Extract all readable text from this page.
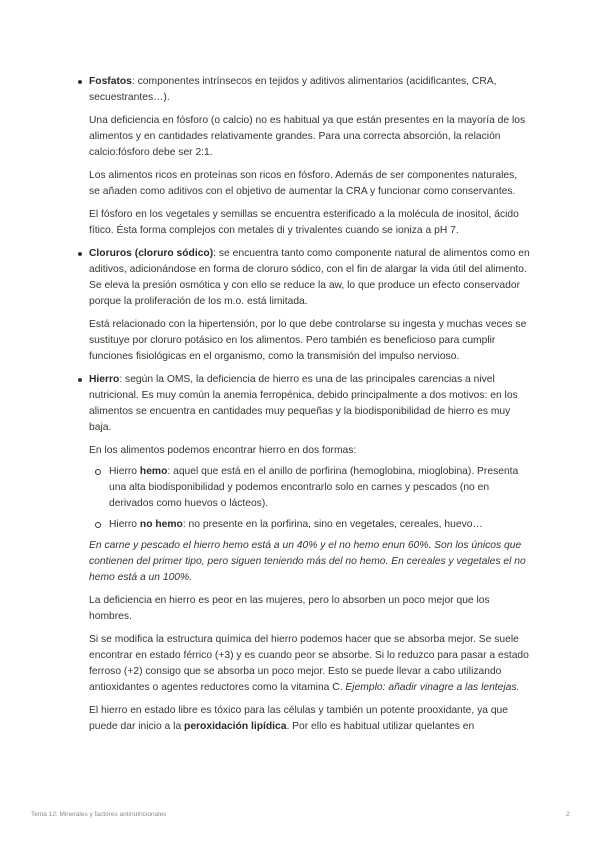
Fosfatos: componentes intrínsecos en tejidos y aditivos alimentarios (acidificantes, CRA, secuestrantes…).

Una deficiencia en fósforo (o calcio) no es habitual ya que están presentes en la mayoría de los alimentos y en cantidades relativamente grandes. Para una correcta absorción, la relación calcio:fósforo debe ser 2:1.

Los alimentos ricos en proteínas son ricos en fósforo. Además de ser componentes naturales, se añaden como aditivos con el objetivo de aumentar la CRA y funcionar como conservantes.

El fósforo en los vegetales y semillas se encuentra esterificado a la molécula de inositol, ácido fítico. Ésta forma complejos con metales di y trivalentes cuando se ioniza a pH 7.

Cloruros (cloruro sódico): se encuentra tanto como componente natural de alimentos como en aditivos, adicionándose en forma de cloruro sódico, con el fin de alargar la vida útil del alimento. Se eleva la presión osmótica y con ello se reduce la aw, lo que produce un efecto conservador porque la proliferación de los m.o. está limitada.

Está relacionado con la hipertensión, por lo que debe controlarse su ingesta y muchas veces se sustituye por cloruro potásico en los alimentos. Pero también es beneficioso para cumplir funciones fisiológicas en el organismo, como la transmisión del impulso nervioso.

Hierro: según la OMS, la deficiencia de hierro es una de las principales carencias a nivel nutricional. Es muy común la anemia ferropénica, debido principalmente a dos motivos: en los alimentos se encuentra en cantidades muy pequeñas y la biodisponibilidad de hierro es muy baja.

En los alimentos podemos encontrar hierro en dos formas:

Hierro hemo: aquel que está en el anillo de porfirina (hemoglobina, mioglobina). Presenta una alta biodisponibilidad y podemos encontrarlo solo en carnes y pescados (no en derivados como huevos o lácteos).

Hierro no hemo: no presente en la porfirina, sino en vegetales, cereales, huevo…

En carne y pescado el hierro hemo está a un 40% y el no hemo enun 60%. Son los únicos que contienen del primer tipo, pero siguen teniendo más del no hemo. En cereales y vegetales el no hemo está a un 100%.

La deficiencia en hierro es peor en las mujeres, pero lo absorben un poco mejor que los hombres.

Si se modifica la estructura química del hierro podemos hacer que se absorba mejor. Se suele encontrar en estado férrico (+3) y es cuando peor se absorbe. Si lo reduzco para pasar a estado ferroso (+2) consigo que se absorba un poco mejor. Esto se puede llevar a cabo utilizando antioxidantes o agentes reductores como la vitamina C. Ejemplo: añadir vinagre a las lentejas.

El hierro en estado libre es tóxico para las células y también un potente prooxidante, ya que puede dar inicio a la peroxidación lipídica. Por ello es habitual utilizar quelantes en

Tema 12: Minerales y factores antinutricionales	2
